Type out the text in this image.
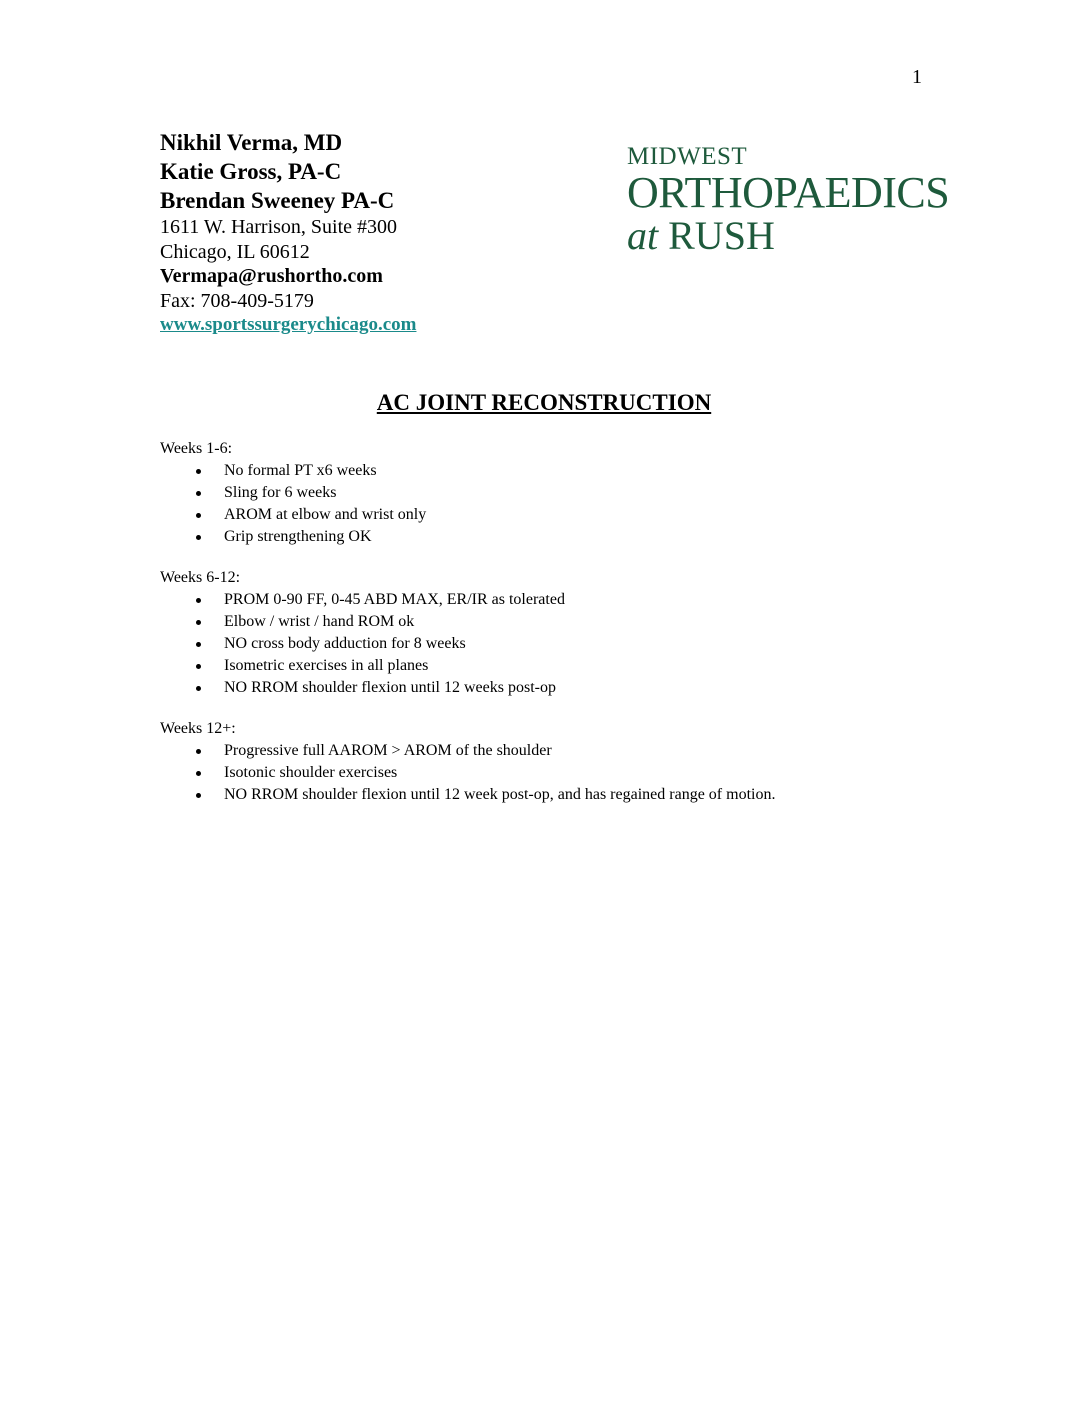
1
Nikhil Verma, MD
Katie Gross, PA-C
Brendan Sweeney PA-C
1611 W. Harrison, Suite #300
Chicago, IL 60612
Vermapa@rushortho.com
Fax: 708-409-5179
www.sportssurgerychicago.com
MIDWEST
ORTHOPAEDICS
at RUSH
AC JOINT RECONSTRUCTION
Weeks 1-6:
No formal PT x6 weeks
Sling for 6 weeks
AROM at elbow and wrist only
Grip strengthening OK
Weeks 6-12:
PROM 0-90 FF, 0-45 ABD MAX, ER/IR as tolerated
Elbow / wrist / hand ROM ok
NO cross body adduction for 8 weeks
Isometric exercises in all planes
NO RROM shoulder flexion until 12 weeks post-op
Weeks 12+:
Progressive full AAROM > AROM of the shoulder
Isotonic shoulder exercises
NO RROM shoulder flexion until 12 week post-op, and has regained range of motion.
